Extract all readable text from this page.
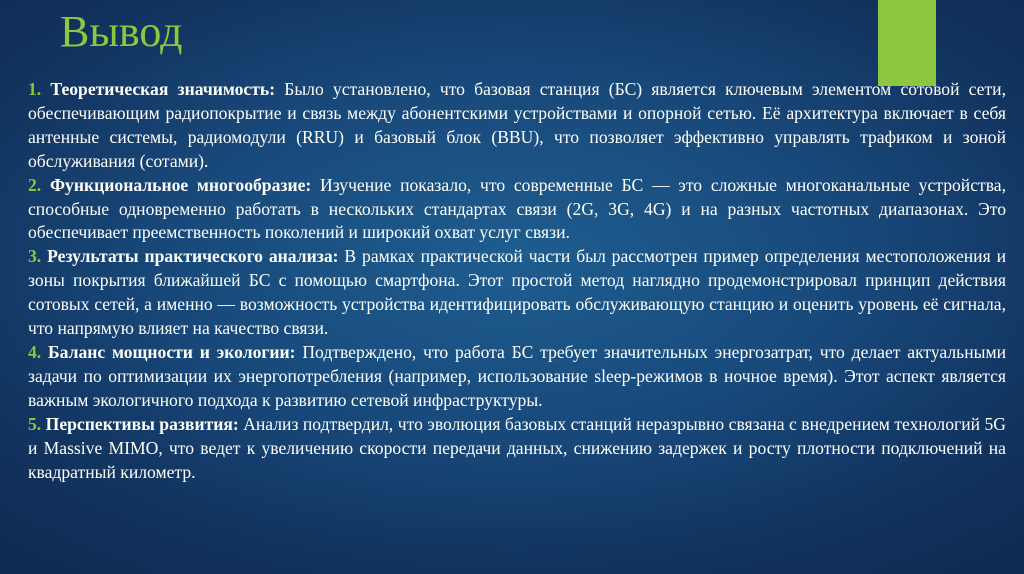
Вывод

1. Теоретическая значимость: Было установлено, что базовая станция (БС) является ключевым элементом сотовой сети, обеспечивающим радиопокрытие и связь между абонентскими устройствами и опорной сетью. Её архитектура включает в себя антенные системы, радиомодули (RRU) и базовый блок (BBU), что позволяет эффективно управлять трафиком и зоной обслуживания (сотами).

2. Функциональное многообразие: Изучение показало, что современные БС — это сложные многоканальные устройства, способные одновременно работать в нескольких стандартах связи (2G, 3G, 4G) и на разных частотных диапазонах. Это обеспечивает преемственность поколений и широкий охват услуг связи.

3. Результаты практического анализа: В рамках практической части был рассмотрен пример определения местоположения и зоны покрытия ближайшей БС с помощью смартфона. Этот простой метод наглядно продемонстрировал принцип действия сотовых сетей, а именно — возможность устройства идентифицировать обслуживающую станцию и оценить уровень её сигнала, что напрямую влияет на качество связи.

4. Баланс мощности и экологии: Подтверждено, что работа БС требует значительных энергозатрат, что делает актуальными задачи по оптимизации их энергопотребления (например, использование sleep-режимов в ночное время). Этот аспект является важным экологичного подхода к развитию сетевой инфраструктуры.

5. Перспективы развития: Анализ подтвердил, что эволюция базовых станций неразрывно связана с внедрением технологий 5G и Massive MIMO, что ведет к увеличению скорости передачи данных, снижению задержек и росту плотности подключений на квадратный километр.
